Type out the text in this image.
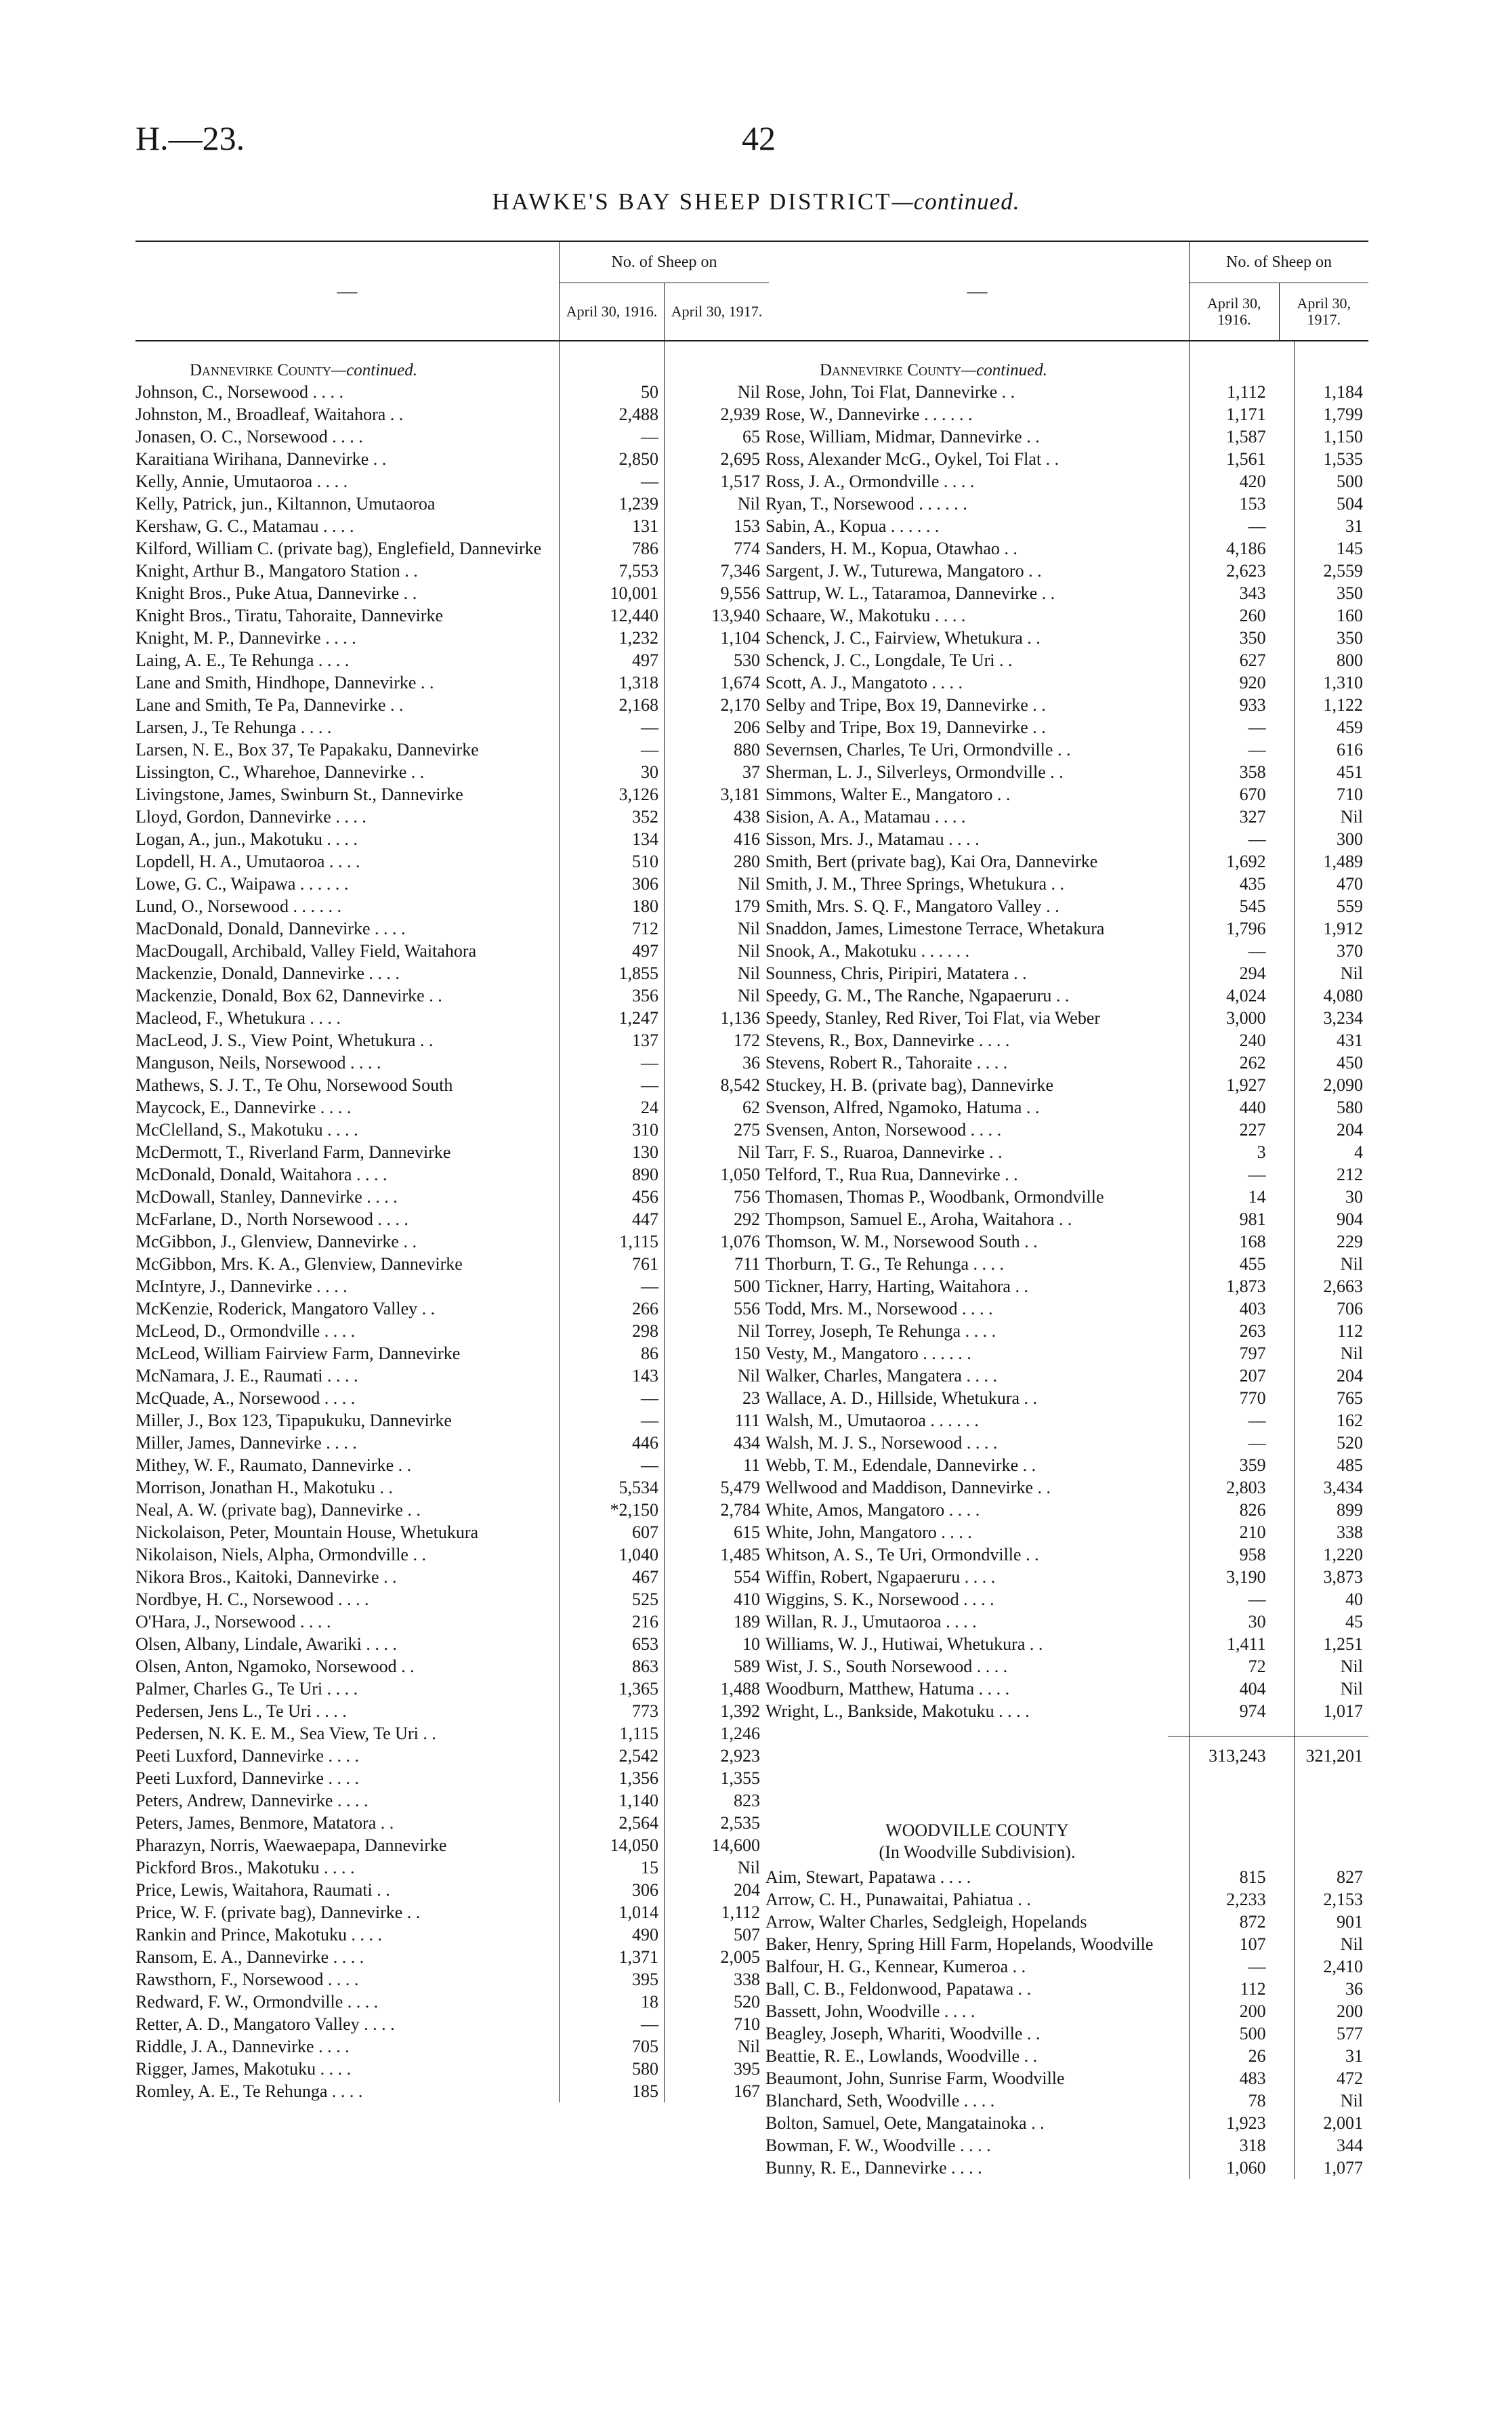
H.—23.	42
HAWKE'S BAY SHEEP DISTRICT—continued.
—
No. of Sheep on
April 30, 1916. April 30, 1917.
Dannevirke County—continued.
Johnson, C., Norsewood . . . .	50	Nil
Johnston, M., Broadleaf, Waitahora . .	2,488	2,939
Jonasen, O. C., Norsewood . . . .	—	65
Karaitiana Wirihana, Dannevirke . .	2,850	2,695
Kelly, Annie, Umutaoroa . . . .	—	1,517
Kelly, Patrick, jun., Kiltannon, Umutaoroa	1,239	Nil
Kershaw, G. C., Matamau . . . .	131	153
Kilford, William C. (private bag), Englefield, Dannevirke	786	774
Knight, Arthur B., Mangatoro Station . .	7,553	7,346
Knight Bros., Puke Atua, Dannevirke . .	10,001	9,556
Knight Bros., Tiratu, Tahoraite, Dannevirke	12,440	13,940
Knight, M. P., Dannevirke . . . .	1,232	1,104
Laing, A. E., Te Rehunga . . . .	497	530
Lane and Smith, Hindhope, Dannevirke . .	1,318	1,674
Lane and Smith, Te Pa, Dannevirke . .	2,168	2,170
Larsen, J., Te Rehunga . . . .	—	206
Larsen, N. E., Box 37, Te Papakaku, Dannevirke	—	880
Lissington, C., Wharehoe, Dannevirke . .	30	37
Livingstone, James, Swinburn St., Dannevirke	3,126	3,181
Lloyd, Gordon, Dannevirke . . . .	352	438
Logan, A., jun., Makotuku . . . .	134	416
Lopdell, H. A., Umutaoroa . . . .	510	280
Lowe, G. C., Waipawa . . . . . .	306	Nil
Lund, O., Norsewood . . . . . .	180	179
MacDonald, Donald, Dannevirke . . . .	712	Nil
MacDougall, Archibald, Valley Field, Waitahora	497	Nil
Mackenzie, Donald, Dannevirke . . . .	1,855	Nil
Mackenzie, Donald, Box 62, Dannevirke . .	356	Nil
Macleod, F., Whetukura . . . .	1,247	1,136
MacLeod, J. S., View Point, Whetukura . .	137	172
Manguson, Neils, Norsewood . . . .	—	36
Mathews, S. J. T., Te Ohu, Norsewood South	—	8,542
Maycock, E., Dannevirke . . . .	24	62
McClelland, S., Makotuku . . . .	310	275
McDermott, T., Riverland Farm, Dannevirke	130	Nil
McDonald, Donald, Waitahora . . . .	890	1,050
McDowall, Stanley, Dannevirke . . . .	456	756
McFarlane, D., North Norsewood . . . .	447	292
McGibbon, J., Glenview, Dannevirke . .	1,115	1,076
McGibbon, Mrs. K. A., Glenview, Dannevirke	761	711
McIntyre, J., Dannevirke . . . .	—	500
McKenzie, Roderick, Mangatoro Valley . .	266	556
McLeod, D., Ormondville . . . .	298	Nil
McLeod, William Fairview Farm, Dannevirke	86	150
McNamara, J. E., Raumati . . . .	143	Nil
McQuade, A., Norsewood . . . .	—	23
Miller, J., Box 123, Tipapukuku, Dannevirke	—	111
Miller, James, Dannevirke . . . .	446	434
Mithey, W. F., Raumato, Dannevirke . .	—	11
Morrison, Jonathan H., Makotuku . .	5,534	5,479
Neal, A. W. (private bag), Dannevirke . .	*2,150	2,784
Nickolaison, Peter, Mountain House, Whetukura	607	615
Nikolaison, Niels, Alpha, Ormondville . .	1,040	1,485
Nikora Bros., Kaitoki, Dannevirke . .	467	554
Nordbye, H. C., Norsewood . . . .	525	410
O'Hara, J., Norsewood . . . .	216	189
Olsen, Albany, Lindale, Awariki . . . .	653	10
Olsen, Anton, Ngamoko, Norsewood . .	863	589
Palmer, Charles G., Te Uri . . . .	1,365	1,488
Pedersen, Jens L., Te Uri . . . .	773	1,392
Pedersen, N. K. E. M., Sea View, Te Uri . .	1,115	1,246
Peeti Luxford, Dannevirke . . . .	2,542	2,923
Peeti Luxford, Dannevirke . . . .	1,356	1,355
Peters, Andrew, Dannevirke . . . .	1,140	823
Peters, James, Benmore, Matatora . .	2,564	2,535
Pharazyn, Norris, Waewaepapa, Dannevirke	14,050	14,600
Pickford Bros., Makotuku . . . .	15	Nil
Price, Lewis, Waitahora, Raumati . .	306	204
Price, W. F. (private bag), Dannevirke . .	1,014	1,112
Rankin and Prince, Makotuku . . . .	490	507
Ransom, E. A., Dannevirke . . . .	1,371	2,005
Rawsthorn, F., Norsewood . . . .	395	338
Redward, F. W., Ormondville . . . .	18	520
Retter, A. D., Mangatoro Valley . . . .	—	710
Riddle, J. A., Dannevirke . . . .	705	Nil
Rigger, James, Makotuku . . . .	580	395
Romley, A. E., Te Rehunga . . . .	185	167
—
No. of Sheep on
April 30, 1916.
April 30, 1917.
Dannevirke County—continued.
Rose, John, Toi Flat, Dannevirke . .	1,112	1,184
Rose, W., Dannevirke . . . . . .	1,171	1,799
Rose, William, Midmar, Dannevirke . .	1,587	1,150
Ross, Alexander McG., Oykel, Toi Flat . .	1,561	1,535
Ross, J. A., Ormondville . . . .	420	500
Ryan, T., Norsewood . . . . . .	153	504
Sabin, A., Kopua . . . . . .	—	31
Sanders, H. M., Kopua, Otawhao . .	4,186	145
Sargent, J. W., Tuturewa, Mangatoro . .	2,623	2,559
Sattrup, W. L., Tataramoa, Dannevirke . .	343	350
Schaare, W., Makotuku . . . .	260	160
Schenck, J. C., Fairview, Whetukura . .	350	350
Schenck, J. C., Longdale, Te Uri . .	627	800
Scott, A. J., Mangatoto . . . .	920	1,310
Selby and Tripe, Box 19, Dannevirke . .	933	1,122
Selby and Tripe, Box 19, Dannevirke . .	—	459
Severnsen, Charles, Te Uri, Ormondville . .	—	616
Sherman, L. J., Silverleys, Ormondville . .	358	451
Simmons, Walter E., Mangatoro . .	670	710
Sision, A. A., Matamau . . . .	327	Nil
Sisson, Mrs. J., Matamau . . . .	—	300
Smith, Bert (private bag), Kai Ora, Dannevirke	1,692	1,489
Smith, J. M., Three Springs, Whetukura . .	435	470
Smith, Mrs. S. Q. F., Mangatoro Valley . .	545	559
Snaddon, James, Limestone Terrace, Whetakura	1,796	1,912
Snook, A., Makotuku . . . . . .	—	370
Sounness, Chris, Piripiri, Matatera . .	294	Nil
Speedy, G. M., The Ranche, Ngapaeruru . .	4,024	4,080
Speedy, Stanley, Red River, Toi Flat, via Weber	3,000	3,234
Stevens, R., Box, Dannevirke . . . .	240	431
Stevens, Robert R., Tahoraite . . . .	262	450
Stuckey, H. B. (private bag), Dannevirke	1,927	2,090
Svenson, Alfred, Ngamoko, Hatuma . .	440	580
Svensen, Anton, Norsewood . . . .	227	204
Tarr, F. S., Ruaroa, Dannevirke . .	3	4
Telford, T., Rua Rua, Dannevirke . .	—	212
Thomasen, Thomas P., Woodbank, Ormondville	14	30
Thompson, Samuel E., Aroha, Waitahora . .	981	904
Thomson, W. M., Norsewood South . .	168	229
Thorburn, T. G., Te Rehunga . . . .	455	Nil
Tickner, Harry, Harting, Waitahora . .	1,873	2,663
Todd, Mrs. M., Norsewood . . . .	403	706
Torrey, Joseph, Te Rehunga . . . .	263	112
Vesty, M., Mangatoro . . . . . .	797	Nil
Walker, Charles, Mangatera . . . .	207	204
Wallace, A. D., Hillside, Whetukura . .	770	765
Walsh, M., Umutaoroa . . . . . .	—	162
Walsh, M. J. S., Norsewood . . . .	—	520
Webb, T. M., Edendale, Dannevirke . .	359	485
Wellwood and Maddison, Dannevirke . .	2,803	3,434
White, Amos, Mangatoro . . . .	826	899
White, John, Mangatoro . . . .	210	338
Whitson, A. S., Te Uri, Ormondville . .	958	1,220
Wiffin, Robert, Ngapaeruru . . . .	3,190	3,873
Wiggins, S. K., Norsewood . . . .	—	40
Willan, R. J., Umutaoroa . . . .	30	45
Williams, W. J., Hutiwai, Whetukura . .	1,411	1,251
Wist, J. S., South Norsewood . . . .	72	Nil
Woodburn, Matthew, Hatuma . . . .	404	Nil
Wright, L., Bankside, Makotuku . . . .	974	1,017
313,243	321,201
WOODVILLE COUNTY
(In Woodville Subdivision).
Aim, Stewart, Papatawa . . . .	815	827
Arrow, C. H., Punawaitai, Pahiatua . .	2,233	2,153
Arrow, Walter Charles, Sedgleigh, Hopelands	872	901
Baker, Henry, Spring Hill Farm, Hopelands, Woodville	107	Nil
Balfour, H. G., Kennear, Kumeroa . .	—	2,410
Ball, C. B., Feldonwood, Papatawa . .	112	36
Bassett, John, Woodville . . . .	200	200
Beagley, Joseph, Whariti, Woodville . .	500	577
Beattie, R. E., Lowlands, Woodville . .	26	31
Beaumont, John, Sunrise Farm, Woodville	483	472
Blanchard, Seth, Woodville . . . .	78	Nil
Bolton, Samuel, Oete, Mangatainoka . .	1,923	2,001
Bowman, F. W., Woodville . . . .	318	344
Bunny, R. E., Dannevirke . . . .	1,060	1,077
